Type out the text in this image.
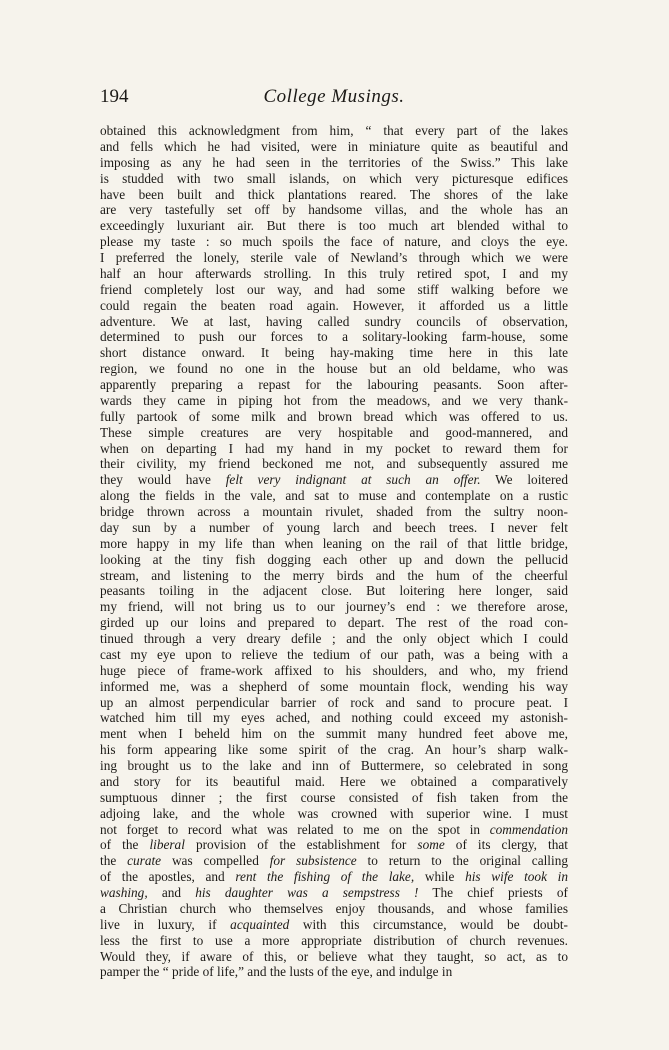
194	College Musings.
obtained this acknowledgment from him, “ that every part of the lakes
and fells which he had visited, were in miniature quite as beautiful and
imposing as any he had seen in the territories of the Swiss.” This lake
is studded with two small islands, on which very picturesque edifices
have been built and thick plantations reared. The shores of the lake
are very tastefully set off by handsome villas, and the whole has an
exceedingly luxuriant air. But there is too much art blended withal to
please my taste : so much spoils the face of nature, and cloys the eye.
I preferred the lonely, sterile vale of Newland’s through which we were
half an hour afterwards strolling. In this truly retired spot, I and my
friend completely lost our way, and had some stiff walking before we
could regain the beaten road again. However, it afforded us a little
adventure. We at last, having called sundry councils of observation,
determined to push our forces to a solitary-looking farm-house, some
short distance onward. It being hay-making time here in this late
region, we found no one in the house but an old beldame, who was
apparently preparing a repast for the labouring peasants. Soon after-
wards they came in piping hot from the meadows, and we very thank-
fully partook of some milk and brown bread which was offered to us.
These simple creatures are very hospitable and good-mannered, and
when on departing I had my hand in my pocket to reward them for
their civility, my friend beckoned me not, and subsequently assured me
they would have felt very indignant at such an offer. We loitered
along the fields in the vale, and sat to muse and contemplate on a rustic
bridge thrown across a mountain rivulet, shaded from the sultry noon-
day sun by a number of young larch and beech trees. I never felt
more happy in my life than when leaning on the rail of that little bridge,
looking at the tiny fish dogging each other up and down the pellucid
stream, and listening to the merry birds and the hum of the cheerful
peasants toiling in the adjacent close. But loitering here longer, said
my friend, will not bring us to our journey’s end : we therefore arose,
girded up our loins and prepared to depart. The rest of the road con-
tinued through a very dreary defile ; and the only object which I could
cast my eye upon to relieve the tedium of our path, was a being with a
huge piece of frame-work affixed to his shoulders, and who, my friend
informed me, was a shepherd of some mountain flock, wending his way
up an almost perpendicular barrier of rock and sand to procure peat. I
watched him till my eyes ached, and nothing could exceed my astonish-
ment when I beheld him on the summit many hundred feet above me,
his form appearing like some spirit of the crag. An hour’s sharp walk-
ing brought us to the lake and inn of Buttermere, so celebrated in song
and story for its beautiful maid. Here we obtained a comparatively
sumptuous dinner ; the first course consisted of fish taken from the
adjoing lake, and the whole was crowned with superior wine. I must
not forget to record what was related to me on the spot in commendation
of the liberal provision of the establishment for some of its clergy, that
the curate was compelled for subsistence to return to the original calling
of the apostles, and rent the fishing of the lake, while his wife took in
washing, and his daughter was a sempstress ! The chief priests of
a Christian church who themselves enjoy thousands, and whose families
live in luxury, if acquainted with this circumstance, would be doubt-
less the first to use a more appropriate distribution of church revenues.
Would they, if aware of this, or believe what they taught, so act, as to
pamper the “ pride of life,” and the lusts of the eye, and indulge in
